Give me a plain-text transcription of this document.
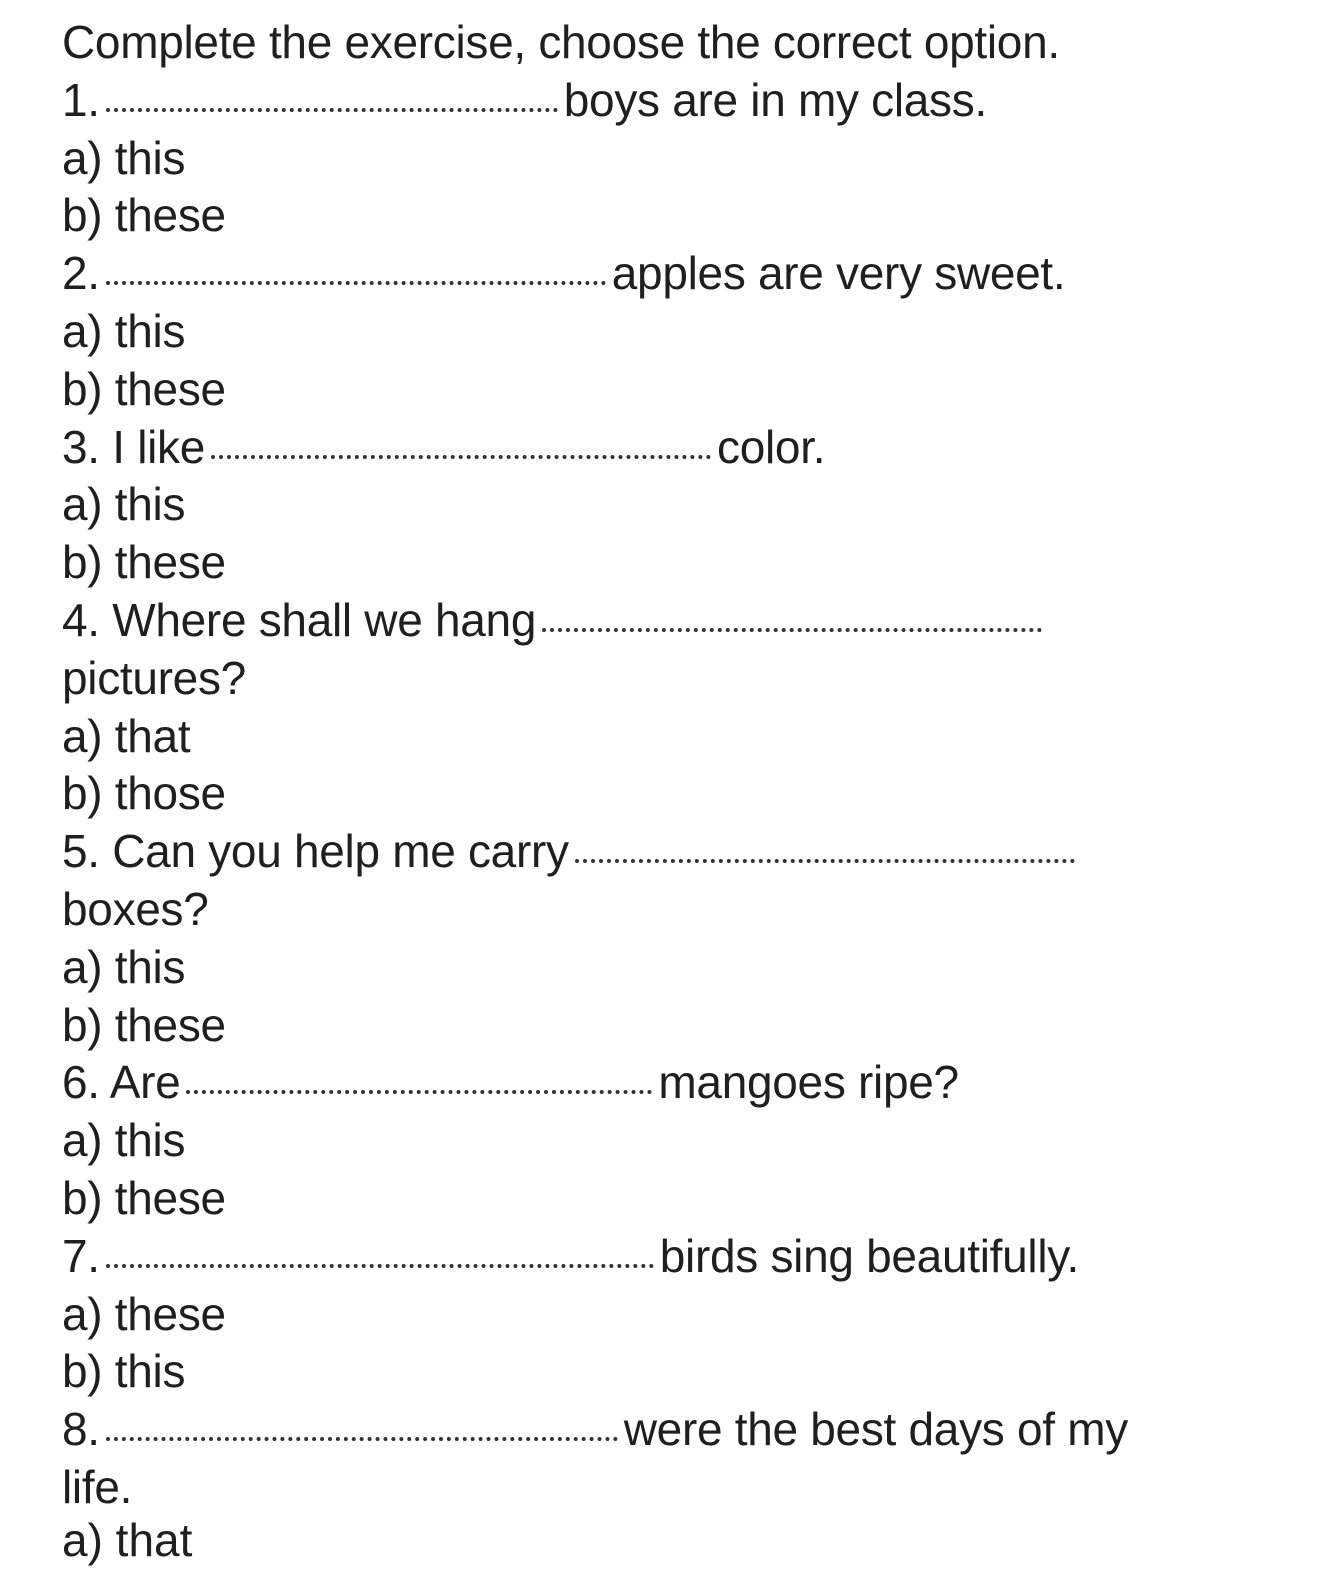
Complete the exercise, choose the correct option.
1.	boys are in my class.
a) this
b) these
2.	apples are very sweet.
a) this
b) these
3. I like	color.
a) this
b) these
4. Where shall we hang
pictures?
a) that
b) those
5. Can you help me carry
boxes?
a) this
b) these
6. Are	mangoes ripe?
a) this
b) these
7.	birds sing beautifully.
a) these
b) this
8.	were the best days of my
life.
a) that
